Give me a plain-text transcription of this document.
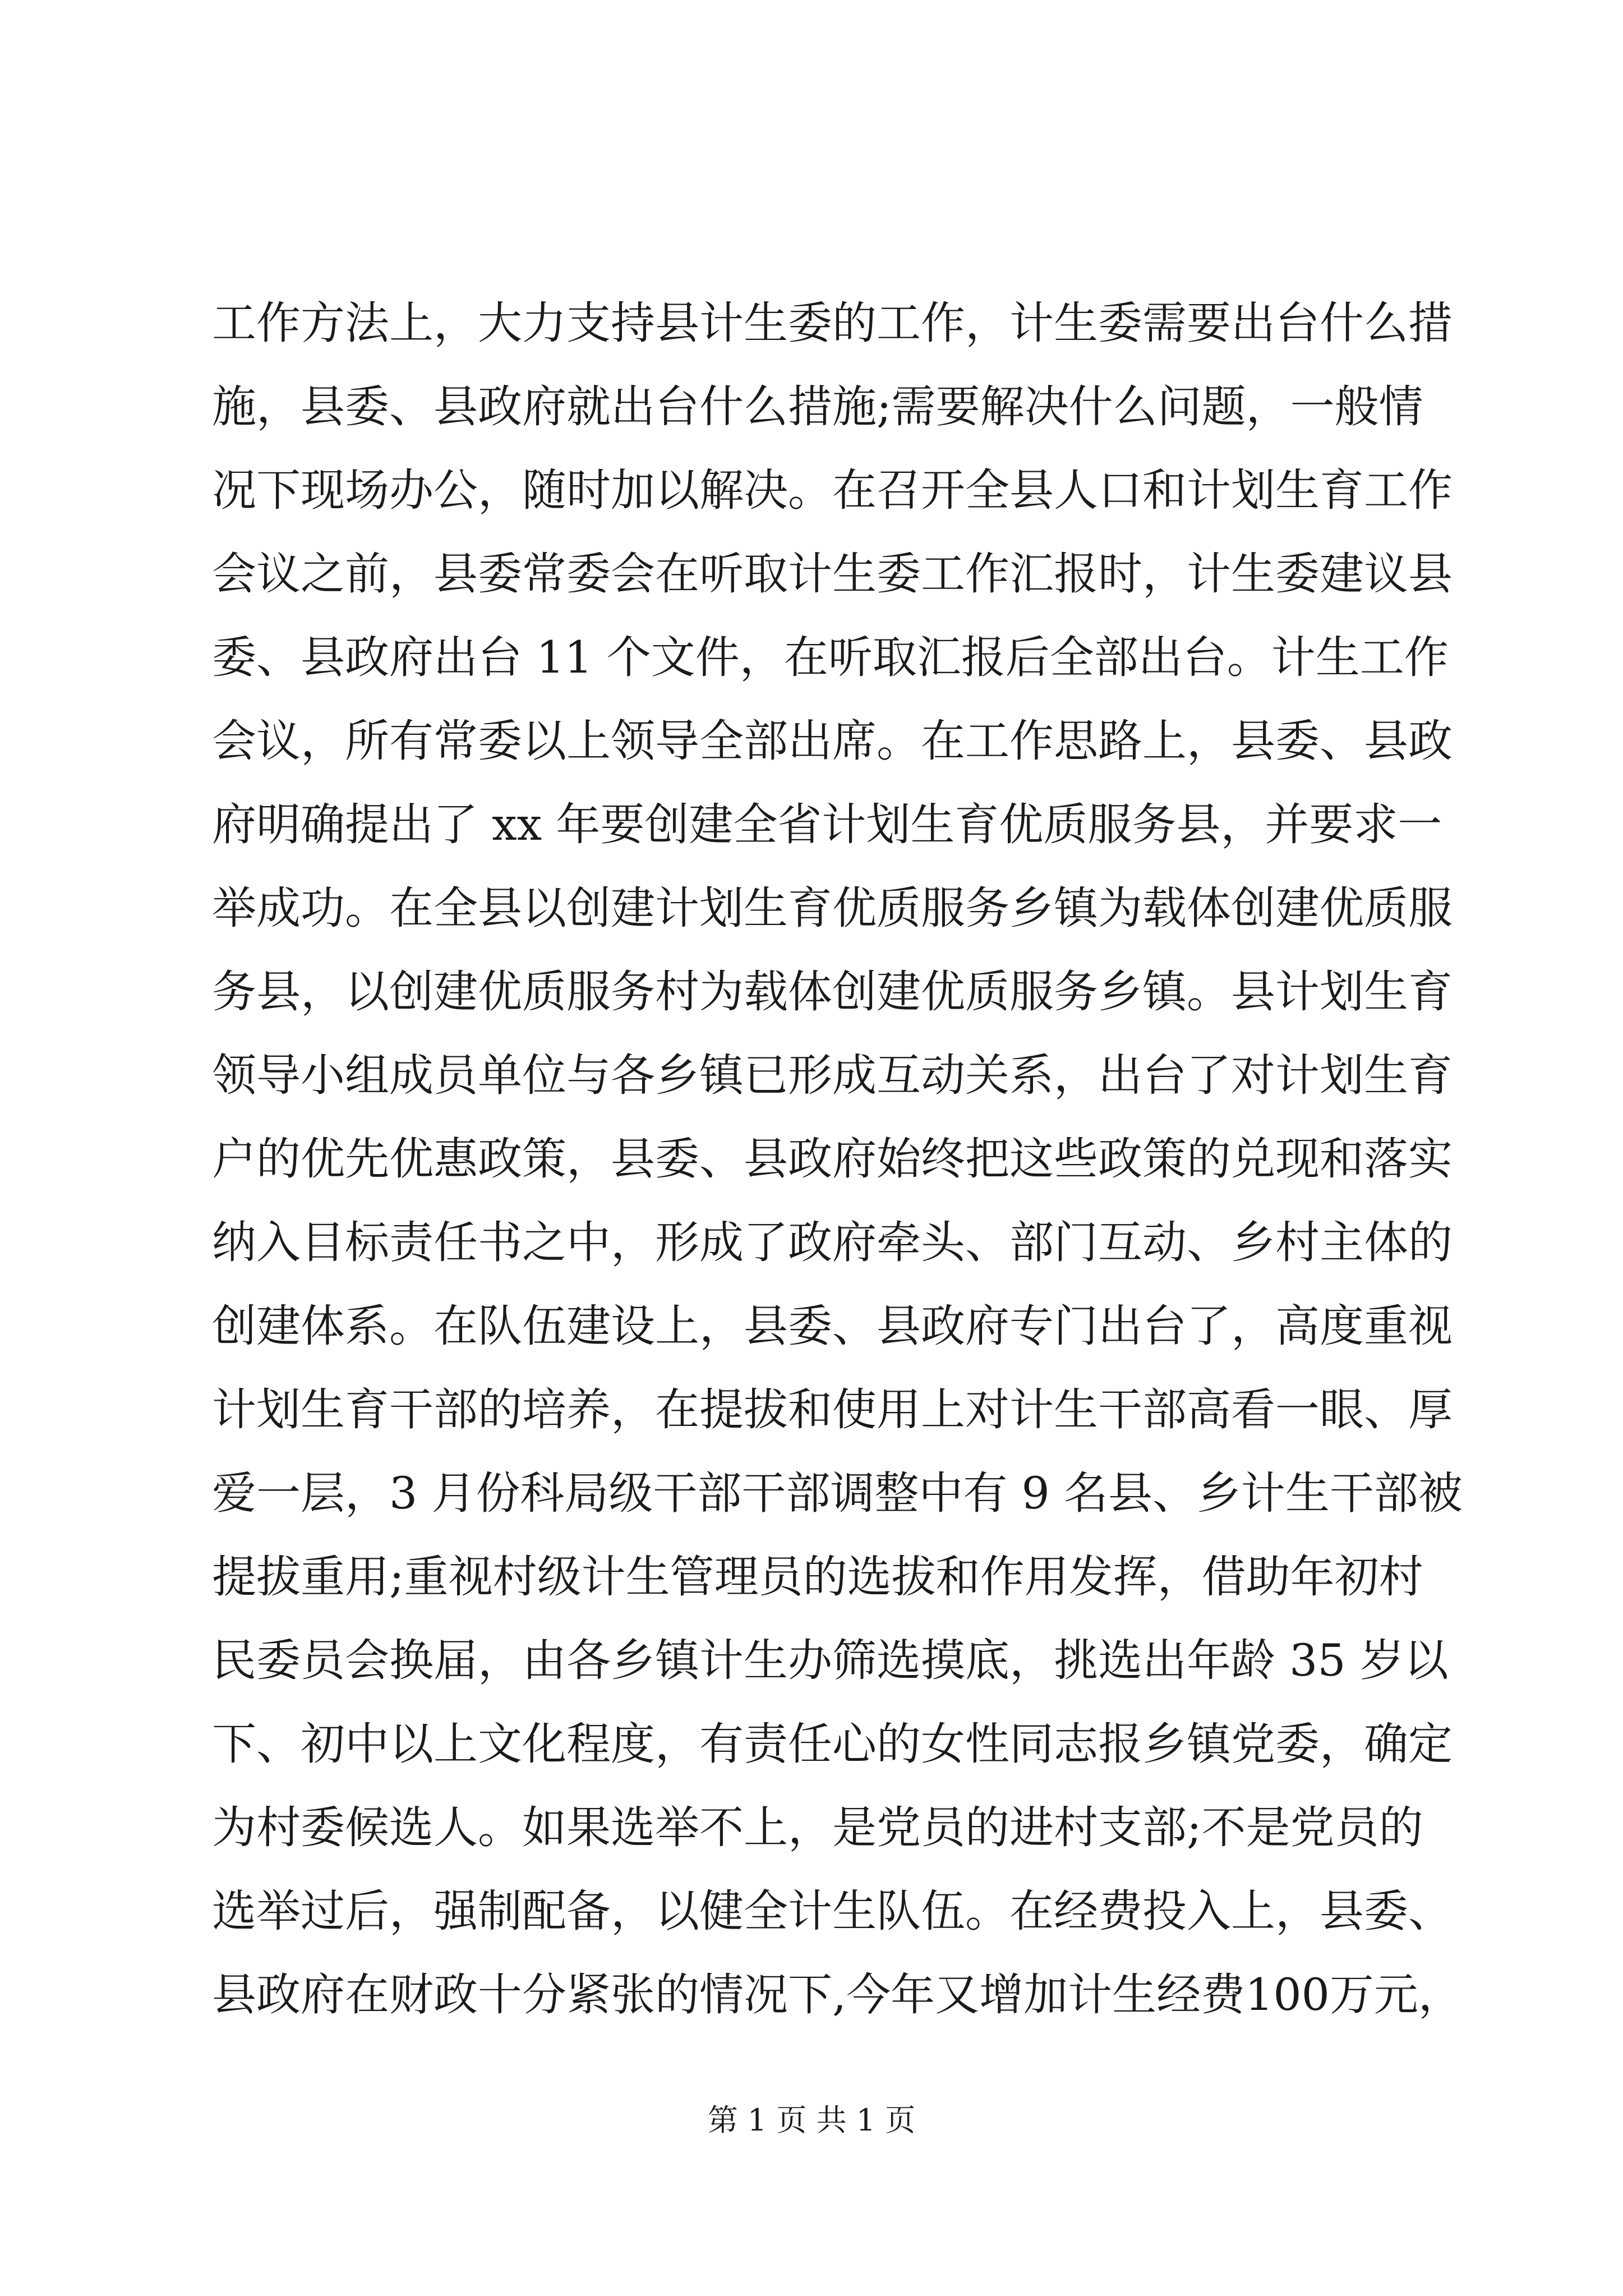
工作方法上，大力支持县计生委的工作，计生委需要出台什么措
施，县委、县政府就出台什么措施;需要解决什么问题，一般情
况下现场办公，随时加以解决。在召开全县人口和计划生育工作
会议之前，县委常委会在听取计生委工作汇报时，计生委建议县
委、县政府出台 11 个文件，在听取汇报后全部出台。计生工作
会议，所有常委以上领导全部出席。在工作思路上，县委、县政
府明确提出了 xx 年要创建全省计划生育优质服务县，并要求一
举成功。在全县以创建计划生育优质服务乡镇为载体创建优质服
务县，以创建优质服务村为载体创建优质服务乡镇。县计划生育
领导小组成员单位与各乡镇已形成互动关系，出台了对计划生育
户的优先优惠政策，县委、县政府始终把这些政策的兑现和落实
纳入目标责任书之中，形成了政府牵头、部门互动、乡村主体的
创建体系。在队伍建设上，县委、县政府专门出台了，高度重视
计划生育干部的培养，在提拔和使用上对计生干部高看一眼、厚
爱一层，3 月份科局级干部干部调整中有 9 名县、乡计生干部被
提拔重用;重视村级计生管理员的选拔和作用发挥，借助年初村
民委员会换届，由各乡镇计生办筛选摸底，挑选出年龄 35 岁以
下、初中以上文化程度，有责任心的女性同志报乡镇党委，确定
为村委候选人。如果选举不上，是党员的进村支部;不是党员的
选举过后，强制配备，以健全计生队伍。在经费投入上，县委、
县政府在财政十分紧张的情况下,今年又增加计生经费100万元，
第 1 页 共 1 页
